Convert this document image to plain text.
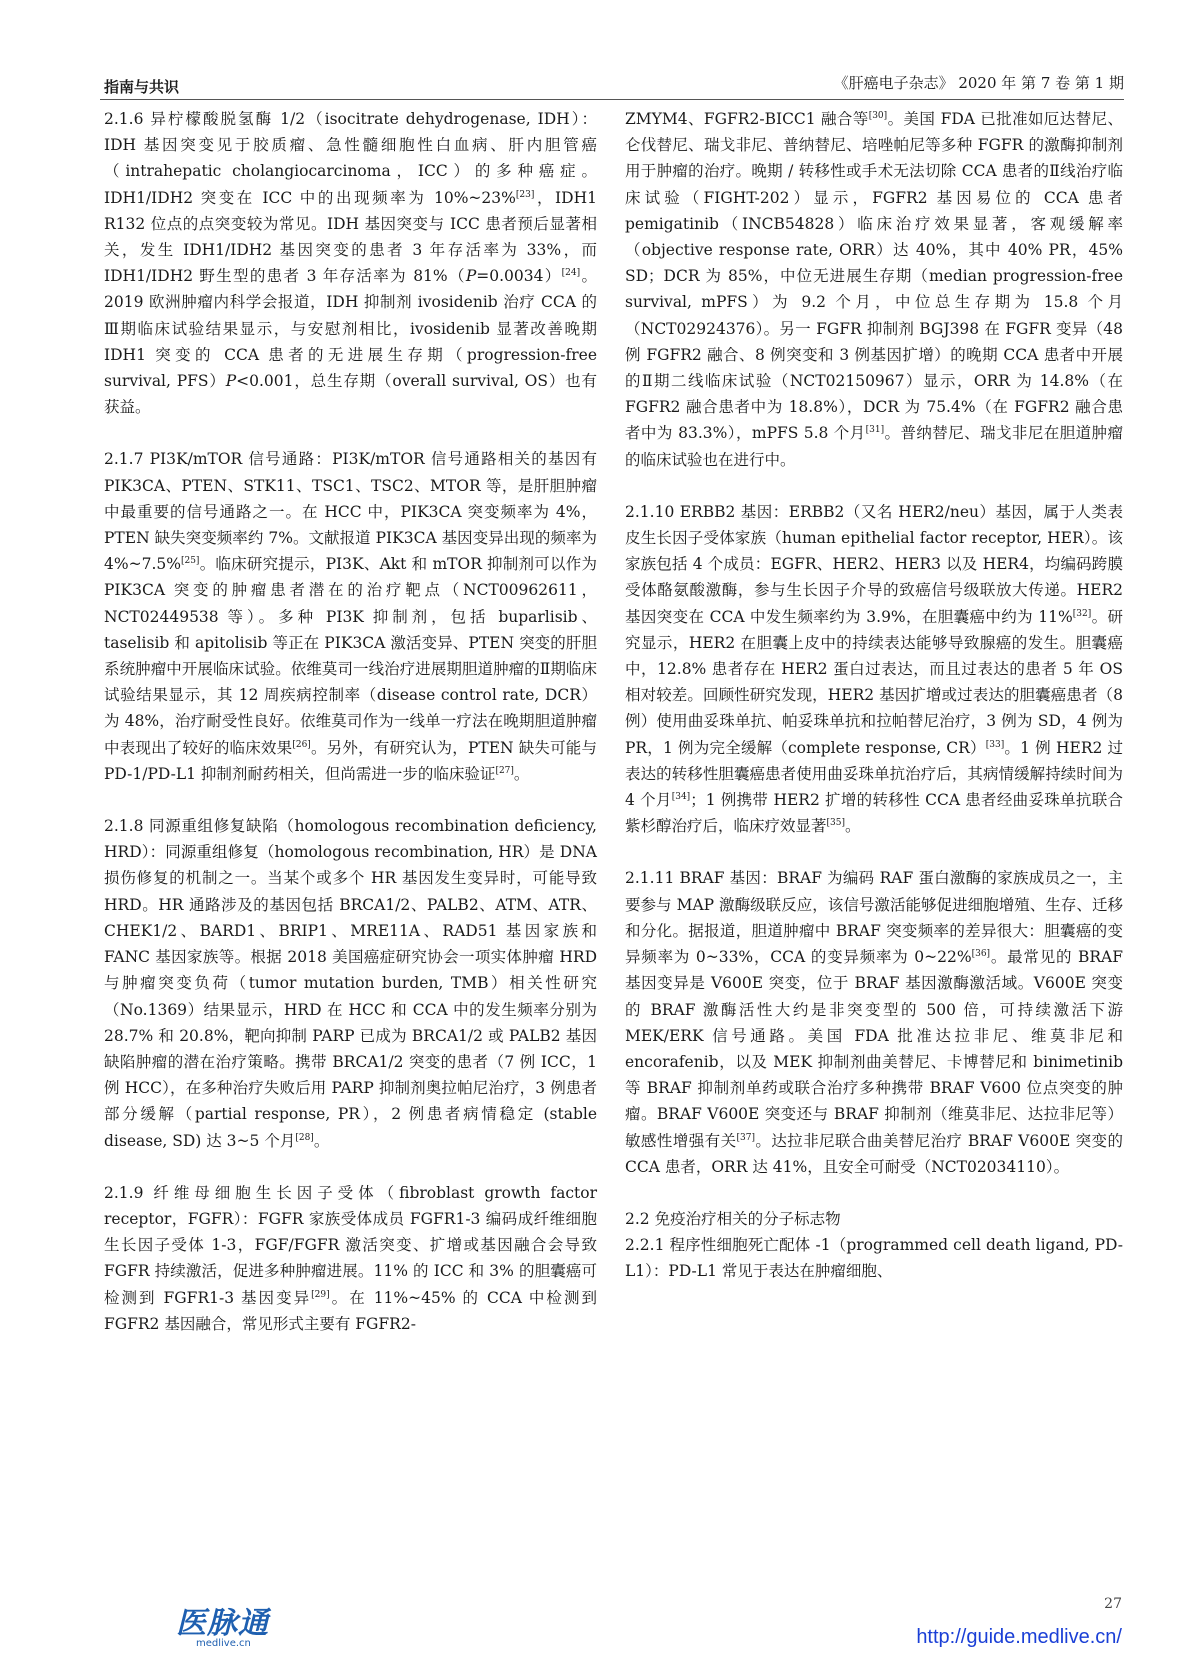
指南与共识	《肝癌电子杂志》 2020 年 第 7 卷 第 1 期

2.1.6 异柠檬酸脱氢酶 1/2（isocitrate dehydrogenase, IDH）：IDH 基因突变见于胶质瘤、急性髓细胞性白血病、肝内胆管癌（intrahepatic cholangiocarcinoma，ICC）的多种癌症。IDH1/IDH2 突变在 ICC 中的出现频率为 10%~23%[23]，IDH1 R132 位点的点突变较为常见。IDH 基因突变与 ICC 患者预后显著相关，发生 IDH1/IDH2 基因突变的患者 3 年存活率为 33%，而 IDH1/IDH2 野生型的患者 3 年存活率为 81%（P=0.0034）[24]。2019 欧洲肿瘤内科学会报道，IDH 抑制剂 ivosidenib 治疗 CCA 的Ⅲ期临床试验结果显示，与安慰剂相比，ivosidenib 显著改善晚期 IDH1 突变的 CCA 患者的无进展生存期（progression-free survival, PFS）P<0.001，总生存期（overall survival, OS）也有获益。

2.1.7 PI3K/mTOR 信号通路：PI3K/mTOR 信号通路相关的基因有 PIK3CA、PTEN、STK11、TSC1、TSC2、MTOR 等，是肝胆肿瘤中最重要的信号通路之一。在 HCC 中，PIK3CA 突变频率为 4%，PTEN 缺失突变频率约 7%。文献报道 PIK3CA 基因变异出现的频率为 4%~7.5%[25]。临床研究提示，PI3K、Akt 和 mTOR 抑制剂可以作为 PIK3CA 突变的肿瘤患者潜在的治疗靶点（NCT00962611，NCT02449538 等）。多种 PI3K 抑制剂，包括 buparlisib、taselisib 和 apitolisib 等正在 PIK3CA 激活变异、PTEN 突变的肝胆系统肿瘤中开展临床试验。依维莫司一线治疗进展期胆道肿瘤的Ⅱ期临床试验结果显示，其 12 周疾病控制率（disease control rate, DCR）为 48%，治疗耐受性良好。依维莫司作为一线单一疗法在晚期胆道肿瘤中表现出了较好的临床效果[26]。另外，有研究认为，PTEN 缺失可能与 PD-1/PD-L1 抑制剂耐药相关，但尚需进一步的临床验证[27]。

2.1.8 同源重组修复缺陷（homologous recombination deficiency, HRD）：同源重组修复（homologous recombination, HR）是 DNA 损伤修复的机制之一。当某个或多个 HR 基因发生变异时，可能导致 HRD。HR 通路涉及的基因包括 BRCA1/2、PALB2、ATM、ATR、CHEK1/2、BARD1、BRIP1、MRE11A、RAD51 基因家族和 FANC 基因家族等。根据 2018 美国癌症研究协会一项实体肿瘤 HRD 与肿瘤突变负荷（tumor mutation burden, TMB）相关性研究（No.1369）结果显示，HRD 在 HCC 和 CCA 中的发生频率分别为 28.7% 和 20.8%，靶向抑制 PARP 已成为 BRCA1/2 或 PALB2 基因缺陷肿瘤的潜在治疗策略。携带 BRCA1/2 突变的患者（7 例 ICC，1 例 HCC），在多种治疗失败后用 PARP 抑制剂奥拉帕尼治疗，3 例患者部分缓解（partial response, PR），2 例患者病情稳定 (stable disease, SD) 达 3~5 个月[28]。

2.1.9 纤维母细胞生长因子受体（fibroblast growth factor receptor，FGFR）：FGFR 家族受体成员 FGFR1-3 编码成纤维细胞生长因子受体 1-3，FGF/FGFR 激活突变、扩增或基因融合会导致 FGFR 持续激活，促进多种肿瘤进展。11% 的 ICC 和 3% 的胆囊癌可检测到 FGFR1-3 基因变异[29]。在 11%~45% 的 CCA 中检测到 FGFR2 基因融合，常见形式主要有 FGFR2-

ZMYM4、FGFR2-BICC1 融合等[30]。美国 FDA 已批准如厄达替尼、仑伐替尼、瑞戈非尼、普纳替尼、培唑帕尼等多种 FGFR 的激酶抑制剂用于肿瘤的治疗。晚期 / 转移性或手术无法切除 CCA 患者的Ⅱ线治疗临床试验（FIGHT-202）显示，FGFR2 基因易位的 CCA 患者 pemigatinib（INCB54828）临床治疗效果显著，客观缓解率（objective response rate, ORR）达 40%，其中 40% PR，45% SD；DCR 为 85%，中位无进展生存期（median progression-free survival, mPFS）为 9.2 个月，中位总生存期为 15.8 个月（NCT02924376）。另一 FGFR 抑制剂 BGJ398 在 FGFR 变异（48 例 FGFR2 融合、8 例突变和 3 例基因扩增）的晚期 CCA 患者中开展的Ⅱ期二线临床试验（NCT02150967）显示，ORR 为 14.8%（在 FGFR2 融合患者中为 18.8%），DCR 为 75.4%（在 FGFR2 融合患者中为 83.3%），mPFS 5.8 个月[31]。普纳替尼、瑞戈非尼在胆道肿瘤的临床试验也在进行中。

2.1.10 ERBB2 基因：ERBB2（又名 HER2/neu）基因，属于人类表皮生长因子受体家族（human epithelial factor receptor, HER）。该家族包括 4 个成员：EGFR、HER2、HER3 以及 HER4，均编码跨膜受体酪氨酸激酶，参与生长因子介导的致癌信号级联放大传递。HER2 基因突变在 CCA 中发生频率约为 3.9%，在胆囊癌中约为 11%[32]。研究显示，HER2 在胆囊上皮中的持续表达能够导致腺癌的发生。胆囊癌中，12.8% 患者存在 HER2 蛋白过表达，而且过表达的患者 5 年 OS 相对较差。回顾性研究发现，HER2 基因扩增或过表达的胆囊癌患者（8 例）使用曲妥珠单抗、帕妥珠单抗和拉帕替尼治疗，3 例为 SD，4 例为 PR，1 例为完全缓解（complete response, CR）[33]。1 例 HER2 过表达的转移性胆囊癌患者使用曲妥珠单抗治疗后，其病情缓解持续时间为 4 个月[34]；1 例携带 HER2 扩增的转移性 CCA 患者经曲妥珠单抗联合紫杉醇治疗后，临床疗效显著[35]。

2.1.11 BRAF 基因：BRAF 为编码 RAF 蛋白激酶的家族成员之一，主要参与 MAP 激酶级联反应，该信号激活能够促进细胞增殖、生存、迁移和分化。据报道，胆道肿瘤中 BRAF 突变频率的差异很大：胆囊癌的变异频率为 0~33%，CCA 的变异频率为 0~22%[36]。最常见的 BRAF 基因变异是 V600E 突变，位于 BRAF 基因激酶激活域。V600E 突变的 BRAF 激酶活性大约是非突变型的 500 倍，可持续激活下游 MEK/ERK 信号通路。美国 FDA 批准达拉非尼、维莫非尼和 encorafenib，以及 MEK 抑制剂曲美替尼、卡博替尼和 binimetinib 等 BRAF 抑制剂单药或联合治疗多种携带 BRAF V600 位点突变的肿瘤。BRAF V600E 突变还与 BRAF 抑制剂（维莫非尼、达拉非尼等）敏感性增强有关[37]。达拉非尼联合曲美替尼治疗 BRAF V600E 突变的 CCA 患者，ORR 达 41%，且安全可耐受（NCT02034110）。

2.2 免疫治疗相关的分子标志物

2.2.1 程序性细胞死亡配体 -1（programmed cell death ligand, PD-L1）：PD-L1 常见于表达在肿瘤细胞、

医脉通
medlive.cn
27
http://guide.medlive.cn/
